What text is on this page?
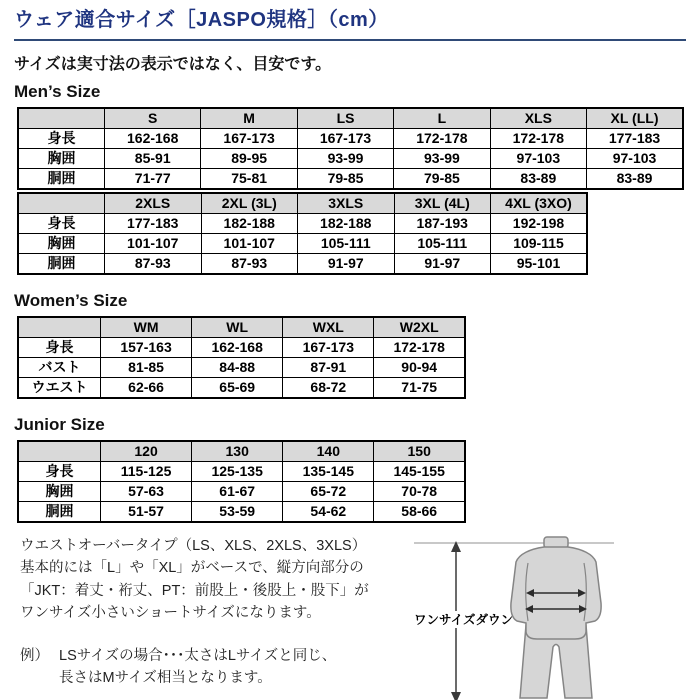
ウェア適合サイズ［JASPO規格］（cm）

サイズは実寸法の表示ではなく、目安です。

Men’s Size
	S	M	LS	L	XLS	XL (LL)
身長	162-168	167-173	167-173	172-178	172-178	177-183
胸囲	85-91	89-95	93-99	93-99	97-103	97-103
胴囲	71-77	75-81	79-85	79-85	83-89	83-89
	2XLS	2XL (3L)	3XLS	3XL (4L)	4XL (3XO)
身長	177-183	182-188	182-188	187-193	192-198
胸囲	101-107	101-107	105-111	105-111	109-115
胴囲	87-93	87-93	91-97	91-97	95-101
Women’s Size
	WM	WL	WXL	W2XL
身長	157-163	162-168	167-173	172-178
バスト	81-85	84-88	87-91	90-94
ウエスト	62-66	65-69	68-72	71-75
Junior Size
	120	130	140	150
身長	115-125	125-135	135-145	145-155
胸囲	57-63	61-67	65-72	70-78
胴囲	51-57	53-59	54-62	58-66
ウエストオーバータイプ（LS、XLS、2XLS、3XLS）
基本的には「L」や「XL」がベースで、縦方向部分の
「JKT：着丈・裄丈、PT：前股上・後股上・股下」が
ワンサイズ小さいショートサイズになります。
例） LSサイズの場合･･･太さはLサイズと同じ、
長さはMサイズ相当となります。
ワンサイズダウン
